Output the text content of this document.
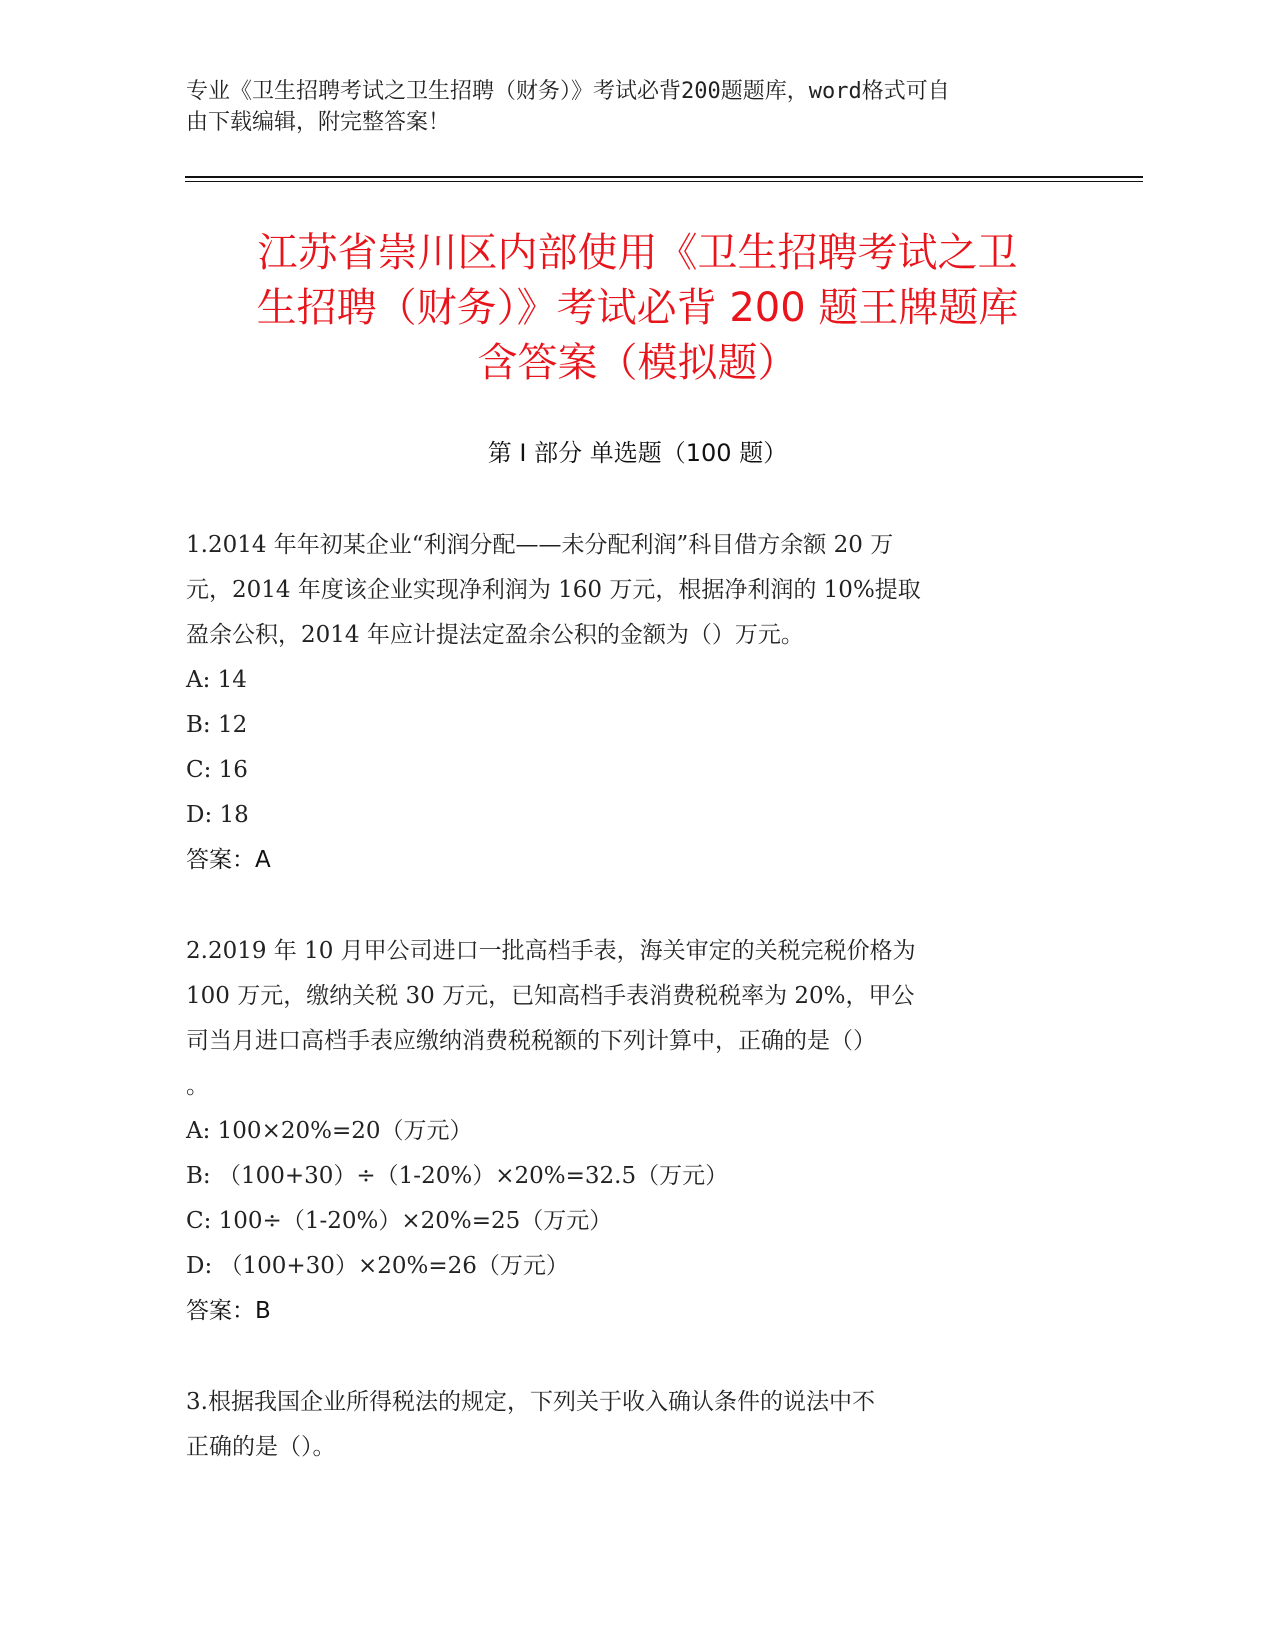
专业《卫生招聘考试之卫生招聘（财务）》考试必背200题题库，word格式可自
由下载编辑，附完整答案！
江苏省崇川区内部使用《卫生招聘考试之卫
生招聘（财务）》考试必背 200 题王牌题库
含答案（模拟题）
第 I 部分 单选题（100 题）

1.2014 年年初某企业“利润分配——未分配利润”科目借方余额 20 万

元，2014 年度该企业实现净利润为 160 万元，根据净利润的 10%提取

盈余公积，2014 年应计提法定盈余公积的金额为（）万元。

A: 14

B: 12

C: 16

D: 18

答案：A

2.2019 年 10 月甲公司进口一批高档手表，海关审定的关税完税价格为

100 万元，缴纳关税 30 万元，已知高档手表消费税税率为 20%，甲公

司当月进口高档手表应缴纳消费税税额的下列计算中，正确的是（）

。

A: 100×20%=20（万元）

B: （100+30）÷（1-20%）×20%=32.5（万元）

C: 100÷（1-20%）×20%=25（万元）

D: （100+30）×20%=26（万元）

答案：B

3.根据我国企业所得税法的规定，下列关于收入确认条件的说法中不

正确的是（）。
